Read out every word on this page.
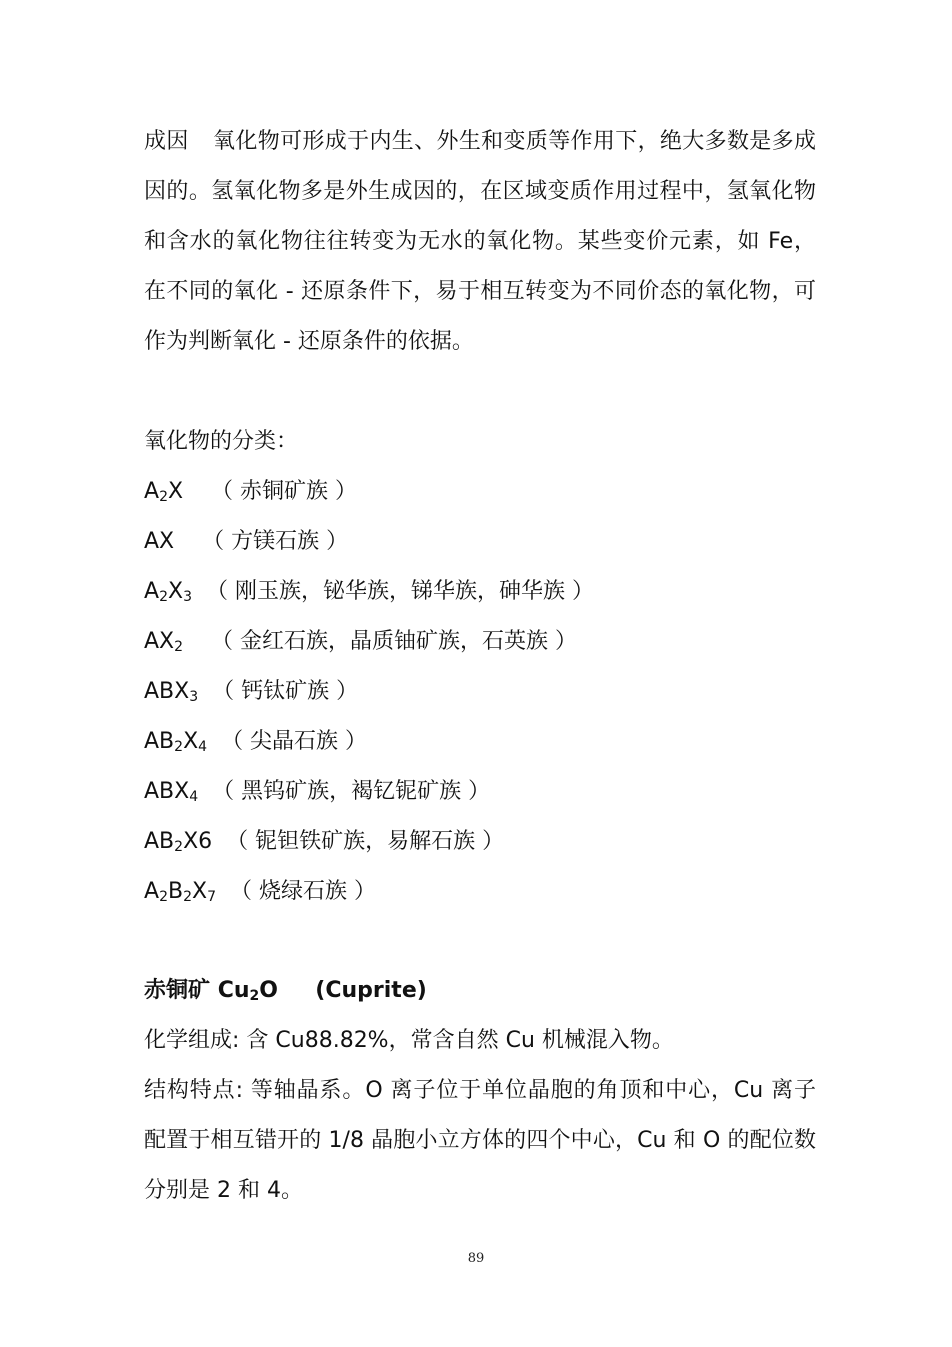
成因 氧化物可形成于内生、外生和变质等作用下，绝大多数是多成
因的。氢氧化物多是外生成因的，在区域变质作用过程中，氢氧化物
和含水的氧化物往往转变为无水的氧化物。某些变价元素，如 Fe，
在不同的氧化 - 还原条件下，易于相互转变为不同价态的氧化物，可
作为判断氧化 - 还原条件的依据。

氧化物的分类：

A2X    （ 赤铜矿族 ）

AX    （ 方镁石族 ）

A2X3  （ 刚玉族，铋华族，锑华族，砷华族 ）

AX2    （ 金红石族，晶质铀矿族，石英族 ）

ABX3  （ 钙钛矿族 ）

AB2X4  （ 尖晶石族 ）

ABX4  （ 黑钨矿族，褐钇铌矿族 ）

AB2X6  （ 铌钽铁矿族，易解石族 ）

A2B2X7  （ 烧绿石族 ）

赤铜矿 Cu2O (Cuprite)

化学组成: 含 Cu88.82%，常含自然 Cu 机械混入物。

结构特点: 等轴晶系。O 离子位于单位晶胞的角顶和中心，Cu 离子
配置于相互错开的 1/8 晶胞小立方体的四个中心，Cu 和 O 的配位数
分别是 2 和 4。
89
